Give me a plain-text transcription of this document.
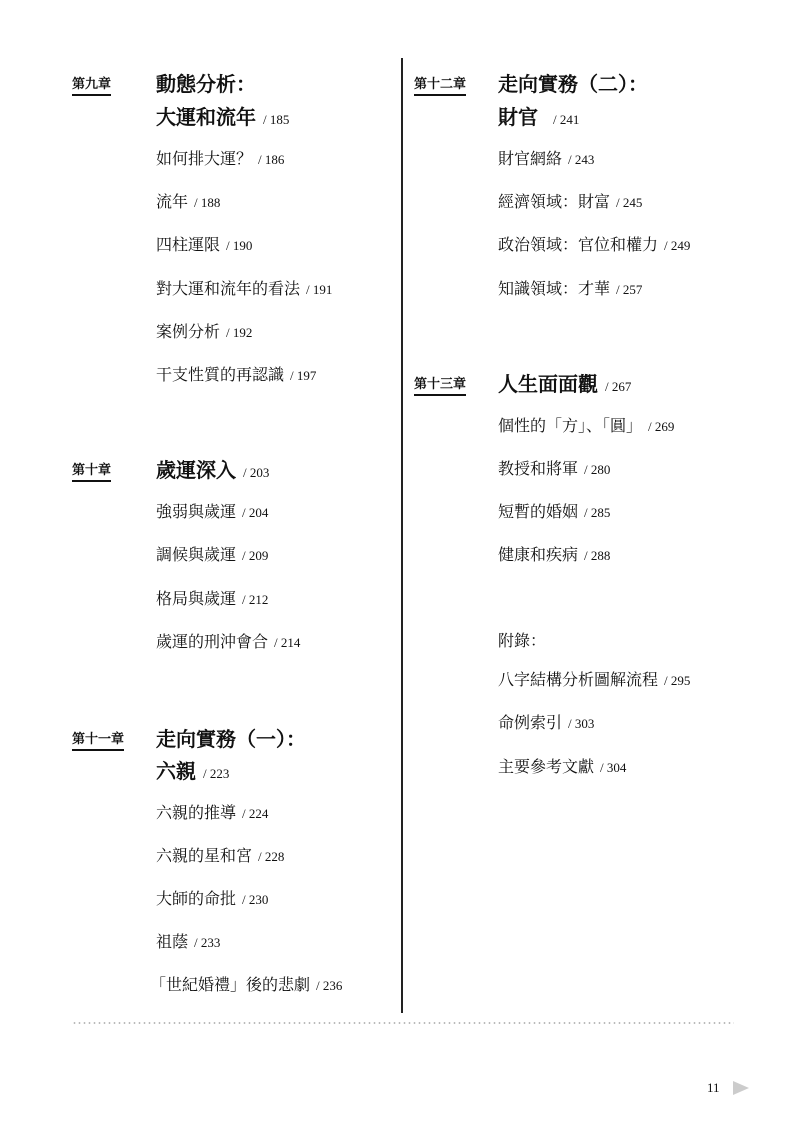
第九章 動態分析：
大運和流年 / 185
如何排大運？ / 186
流年 / 188
四柱運限 / 190
對大運和流年的看法 / 191
案例分析 / 192
干支性質的再認識 / 197
第十章 歲運深入 / 203
強弱與歲運 / 204
調候與歲運 / 209
格局與歲運 / 212
歲運的刑沖會合 / 214
第十一章 走向實務（一）：
六親 / 223
六親的推導 / 224
六親的星和宮 / 228
大師的命批 / 230
祖蔭 / 233
「世紀婚禮」後的悲劇 / 236
第十二章 走向實務（二）：
財官 / 241
財官網絡 / 243
經濟領域：財富 / 245
政治領域：官位和權力 / 249
知識領域：才華 / 257
第十三章 人生面面觀 / 267
個性的「方」、「圓」 / 269
教授和將軍 / 280
短暫的婚姻 / 285
健康和疾病 / 288
附錄：
八字結構分析圖解流程 / 295
命例索引 / 303
主要參考文獻 / 304
11
